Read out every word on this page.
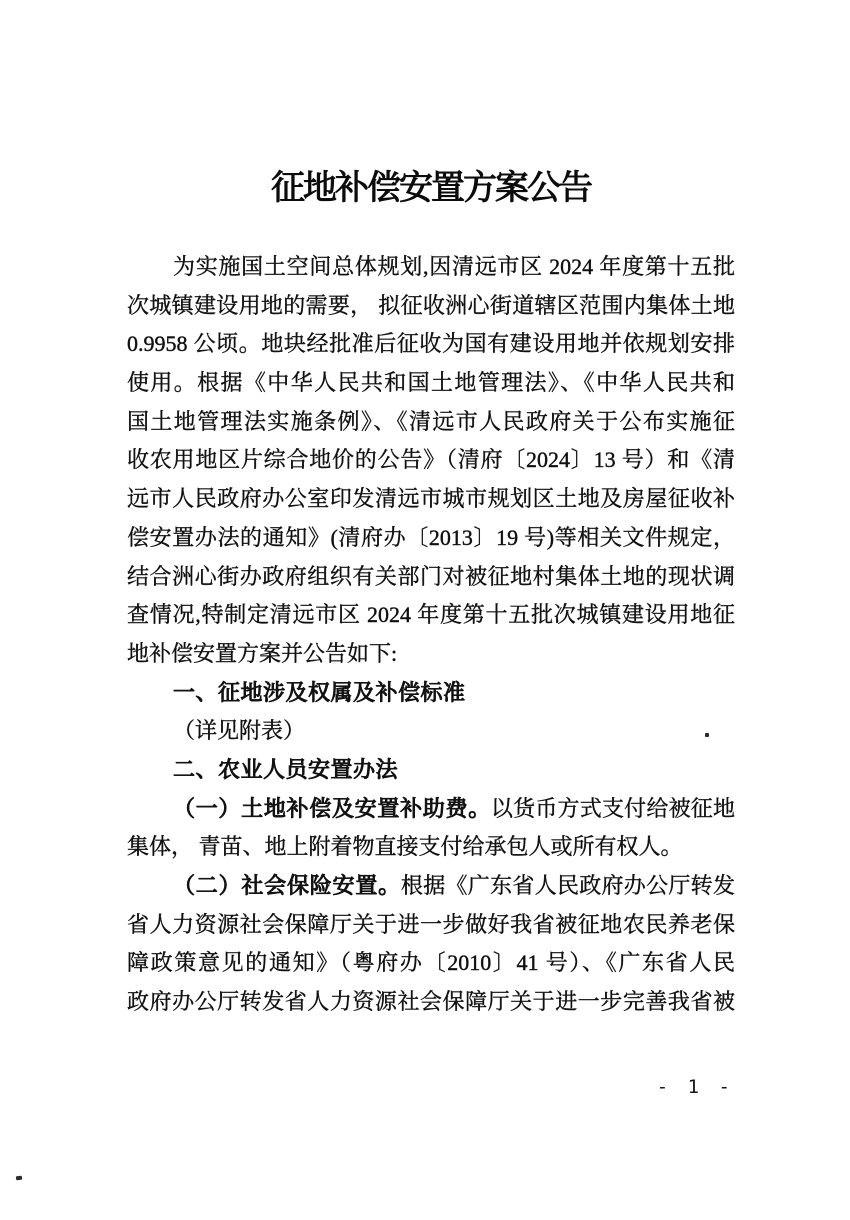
征地补偿安置方案公告
为实施国土空间总体规划,因清远市区 2024 年度第十五批
次城镇建设用地的需要， 拟征收洲心街道辖区范围内集体土地
0.9958 公顷。地块经批准后征收为国有建设用地并依规划安排
使用。根据《中华人民共和国土地管理法》、《中华人民共和
国土地管理法实施条例》、《清远市人民政府关于公布实施征
收农用地区片综合地价的公告》（清府〔2024〕13 号）和《清
远市人民政府办公室印发清远市城市规划区土地及房屋征收补
偿安置办法的通知》(清府办〔2013〕19 号)等相关文件规定，
结合洲心街办政府组织有关部门对被征地村集体土地的现状调
查情况,特制定清远市区 2024 年度第十五批次城镇建设用地征
地补偿安置方案并公告如下:
一、征地涉及权属及补偿标准
（详见附表）
二、农业人员安置办法
（一）土地补偿及安置补助费。以货币方式支付给被征地
集体， 青苗、地上附着物直接支付给承包人或所有权人。
（二）社会保险安置。根据《广东省人民政府办公厅转发
省人力资源社会保障厅关于进一步做好我省被征地农民养老保
障政策意见的通知》（粤府办〔2010〕41 号）、《广东省人民
政府办公厅转发省人力资源社会保障厅关于进一步完善我省被
- 1 -
